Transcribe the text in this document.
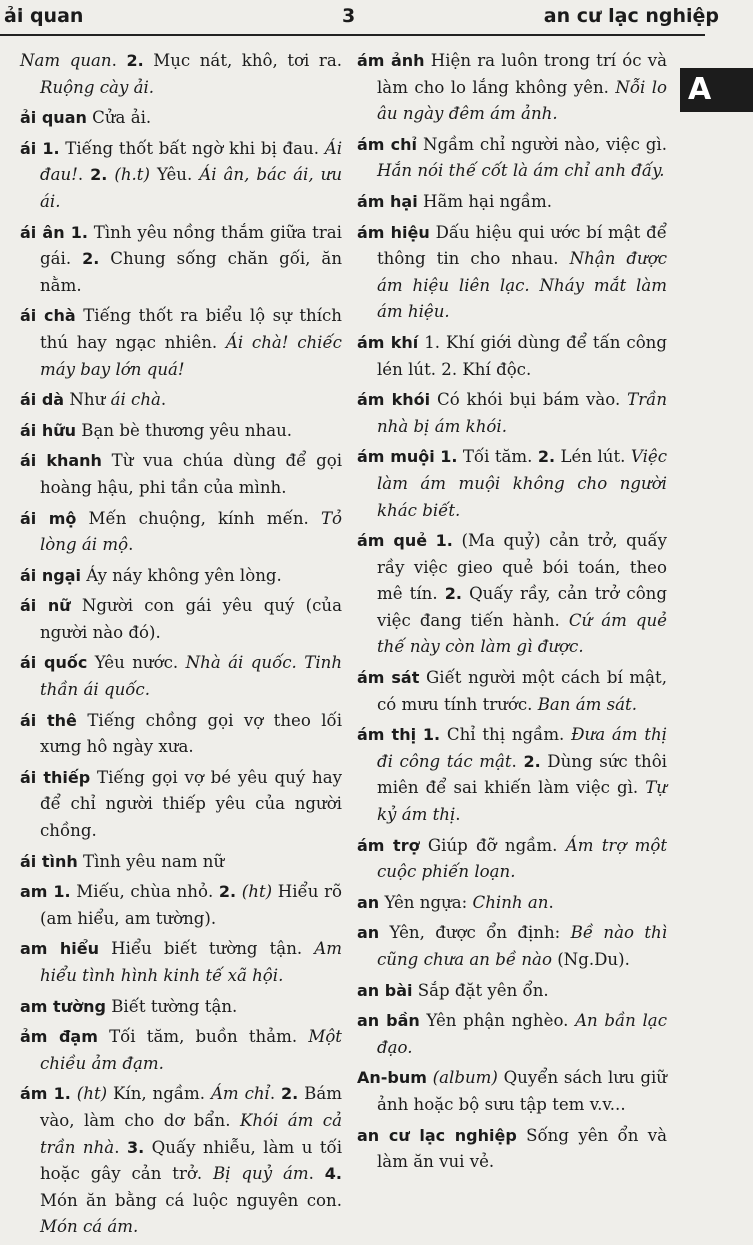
ải quan	3	an cư lạc nghiệp
A

Nam quan. 2. Mục nát, khô, tơi ra. Ruộng cày ải.

ải quan Cửa ải.

ái 1. Tiếng thốt bất ngờ khi bị đau. Ái đau!. 2. (h.t) Yêu. Ái ân, bác ái, ưu ái.

ái ân 1. Tình yêu nồng thắm giữa trai gái. 2. Chung sống chăn gối, ăn nằm.

ái chà Tiếng thốt ra biểu lộ sự thích thú hay ngạc nhiên. Ái chà! chiếc máy bay lớn quá!

ái dà Như ái chà.

ái hữu Bạn bè thương yêu nhau.

ái khanh Từ vua chúa dùng để gọi hoàng hậu, phi tần của mình.

ái mộ Mến chuộng, kính mến. Tỏ lòng ái mộ.

ái ngại Áy náy không yên lòng.

ái nữ Người con gái yêu quý (của người nào đó).

ái quốc Yêu nước. Nhà ái quốc. Tinh thần ái quốc.

ái thê Tiếng chồng gọi vợ theo lối xưng hô ngày xưa.

ái thiếp Tiếng gọi vợ bé yêu quý hay để chỉ người thiếp yêu của người chồng.

ái tình Tình yêu nam nữ

am 1. Miếu, chùa nhỏ. 2. (ht) Hiểu rõ (am hiểu, am tường).

am hiểu Hiểu biết tường tận. Am hiểu tình hình kinh tế xã hội.

am tường Biết tường tận.

ảm đạm Tối tăm, buồn thảm. Một chiều ảm đạm.

ám 1. (ht) Kín, ngầm. Ám chỉ. 2. Bám vào, làm cho dơ bẩn. Khói ám cả trần nhà. 3. Quấy nhiễu, làm u tối hoặc gây cản trở. Bị quỷ ám. 4. Món ăn bằng cá luộc nguyên con. Món cá ám.

ám ảnh Hiện ra luôn trong trí óc và làm cho lo lắng không yên. Nỗi lo âu ngày đêm ám ảnh.

ám chỉ Ngầm chỉ người nào, việc gì. Hắn nói thế cốt là ám chỉ anh đấy.

ám hại Hãm hại ngầm.

ám hiệu Dấu hiệu qui ước bí mật để thông tin cho nhau. Nhận được ám hiệu liên lạc. Nháy mắt làm ám hiệu.

ám khí 1. Khí giới dùng để tấn công lén lút. 2. Khí độc.

ám khói Có khói bụi bám vào. Trần nhà bị ám khói.

ám muội 1. Tối tăm. 2. Lén lút. Việc làm ám muội không cho người khác biết.

ám quẻ 1. (Ma quỷ) cản trở, quấy rầy việc gieo quẻ bói toán, theo mê tín. 2. Quấy rầy, cản trở công việc đang tiến hành. Cứ ám quẻ thế này còn làm gì được.

ám sát Giết người một cách bí mật, có mưu tính trước. Ban ám sát.

ám thị 1. Chỉ thị ngầm. Đưa ám thị đi công tác mật. 2. Dùng sức thôi miên để sai khiến làm việc gì. Tự kỷ ám thị.

ám trợ Giúp đỡ ngầm. Ám trợ một cuộc phiến loạn.

an Yên ngựa: Chinh an.

an Yên, được ổn định: Bề nào thì cũng chưa an bề nào (Ng.Du).

an bài Sắp đặt yên ổn.

an bần Yên phận nghèo. An bần lạc đạo.

An-bum (album) Quyển sách lưu giữ ảnh hoặc bộ sưu tập tem v.v...

an cư lạc nghiệp Sống yên ổn và làm ăn vui vẻ.
